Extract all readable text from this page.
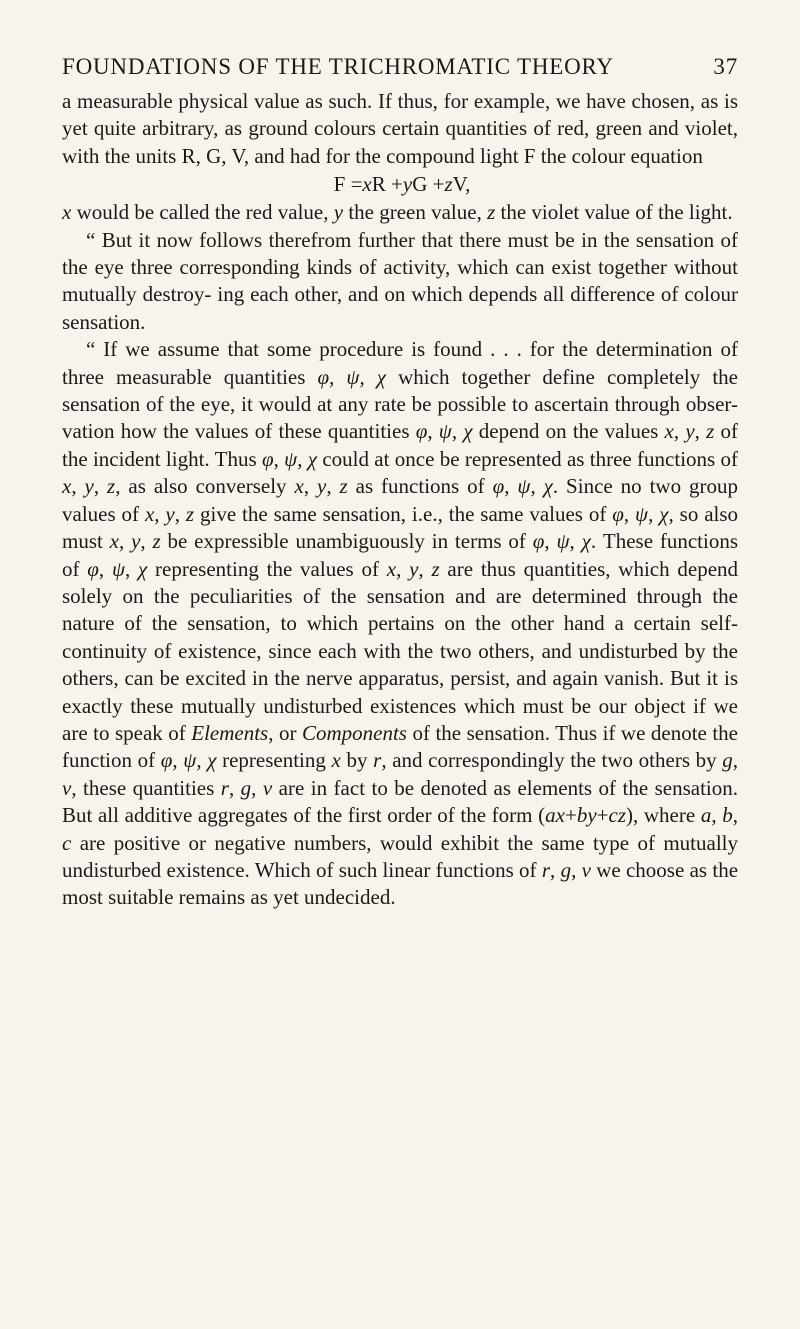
FOUNDATIONS OF THE TRICHROMATIC THEORY	37

a measurable physical value as such. If thus, for example, we have chosen, as is yet quite arbitrary, as ground colours certain quantities of red, green and violet, with the units R, G, V, and had for the compound light F the colour equation

F =xR +yG +zV,

x would be called the red value, y the green value, z the violet value of the light.

“ But it now follows therefrom further that there must be in the sensation of the eye three corresponding kinds of activity, which can exist together without mutually destroy- ing each other, and on which depends all difference of colour sensation.

“ If we assume that some procedure is found . . . for the determination of three measurable quantities φ, ψ, χ which together define completely the sensation of the eye, it would at any rate be possible to ascertain through obser- vation how the values of these quantities φ, ψ, χ depend on the values x, y, z of the incident light. Thus φ, ψ, χ could at once be represented as three functions of x, y, z, as also conversely x, y, z as functions of φ, ψ, χ. Since no two group values of x, y, z give the same sensation, i.e., the same values of φ, ψ, χ, so also must x, y, z be expressible unambiguously in terms of φ, ψ, χ. These functions of φ, ψ, χ representing the values of x, y, z are thus quantities, which depend solely on the peculiarities of the sensation and are determined through the nature of the sensation, to which pertains on the other hand a certain self-continuity of existence, since each with the two others, and undisturbed by the others, can be excited in the nerve apparatus, persist, and again vanish. But it is exactly these mutually undisturbed existences which must be our object if we are to speak of Elements, or Components of the sensation. Thus if we denote the function of φ, ψ, χ representing x by r, and correspondingly the two others by g, v, these quantities r, g, v are in fact to be denoted as elements of the sensation. But all additive aggregates of the first order of the form (ax+by+cz), where a, b, c are positive or negative numbers, would exhibit the same type of mutually undisturbed existence. Which of such linear functions of r, g, v we choose as the most suitable remains as yet undecided.
